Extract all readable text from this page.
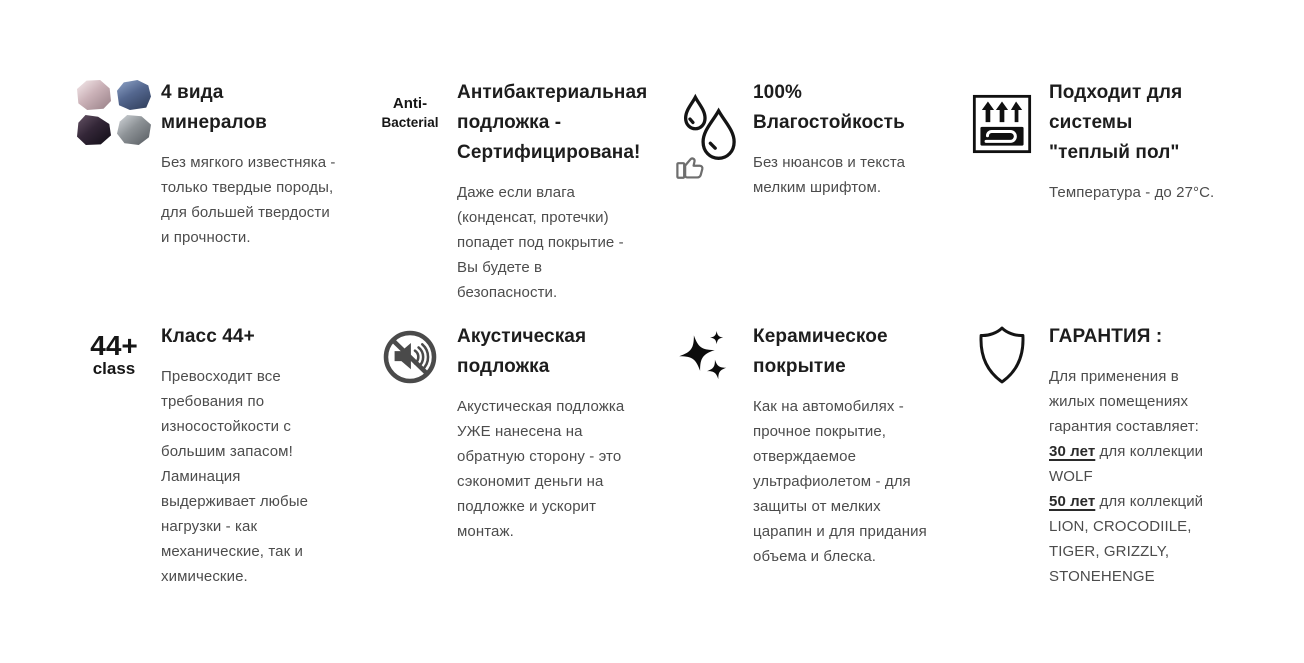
4 вида минералов

Без мягкого известняка - только твердые породы, для большей твердости и прочности.

Anti-
Bacterial
Антибактериальная подложка - Сертифицирована!

Даже если влага (конденсат, протечки) попадет под покрытие - Вы будете в безопасности.

100% Влагостойкость

Без нюансов и текста мелким шрифтом.

Подходит для системы "теплый пол"

Температура - до 27°С.

44+
class
Класс 44+

Превосходит все требования по износостойкости с большим запасом! Ламинация выдерживает любые нагрузки - как механические, так и химические.

Акустическая подложка

Акустическая подложка УЖЕ нанесена на обратную сторону - это сэкономит деньги на подложке и ускорит монтаж.

Керамическое покрытие

Как на автомобилях - прочное покрытие, отверждаемое ультрафиолетом - для защиты от мелких царапин и для придания объема и блеска.

ГАРАНТИЯ :

Для применения в жилых помещениях гарантия составляет:
30 лет для коллекции WOLF
50 лет для коллекций LION, CROCODIILE, TIGER, GRIZZLY, STONEHENGE
